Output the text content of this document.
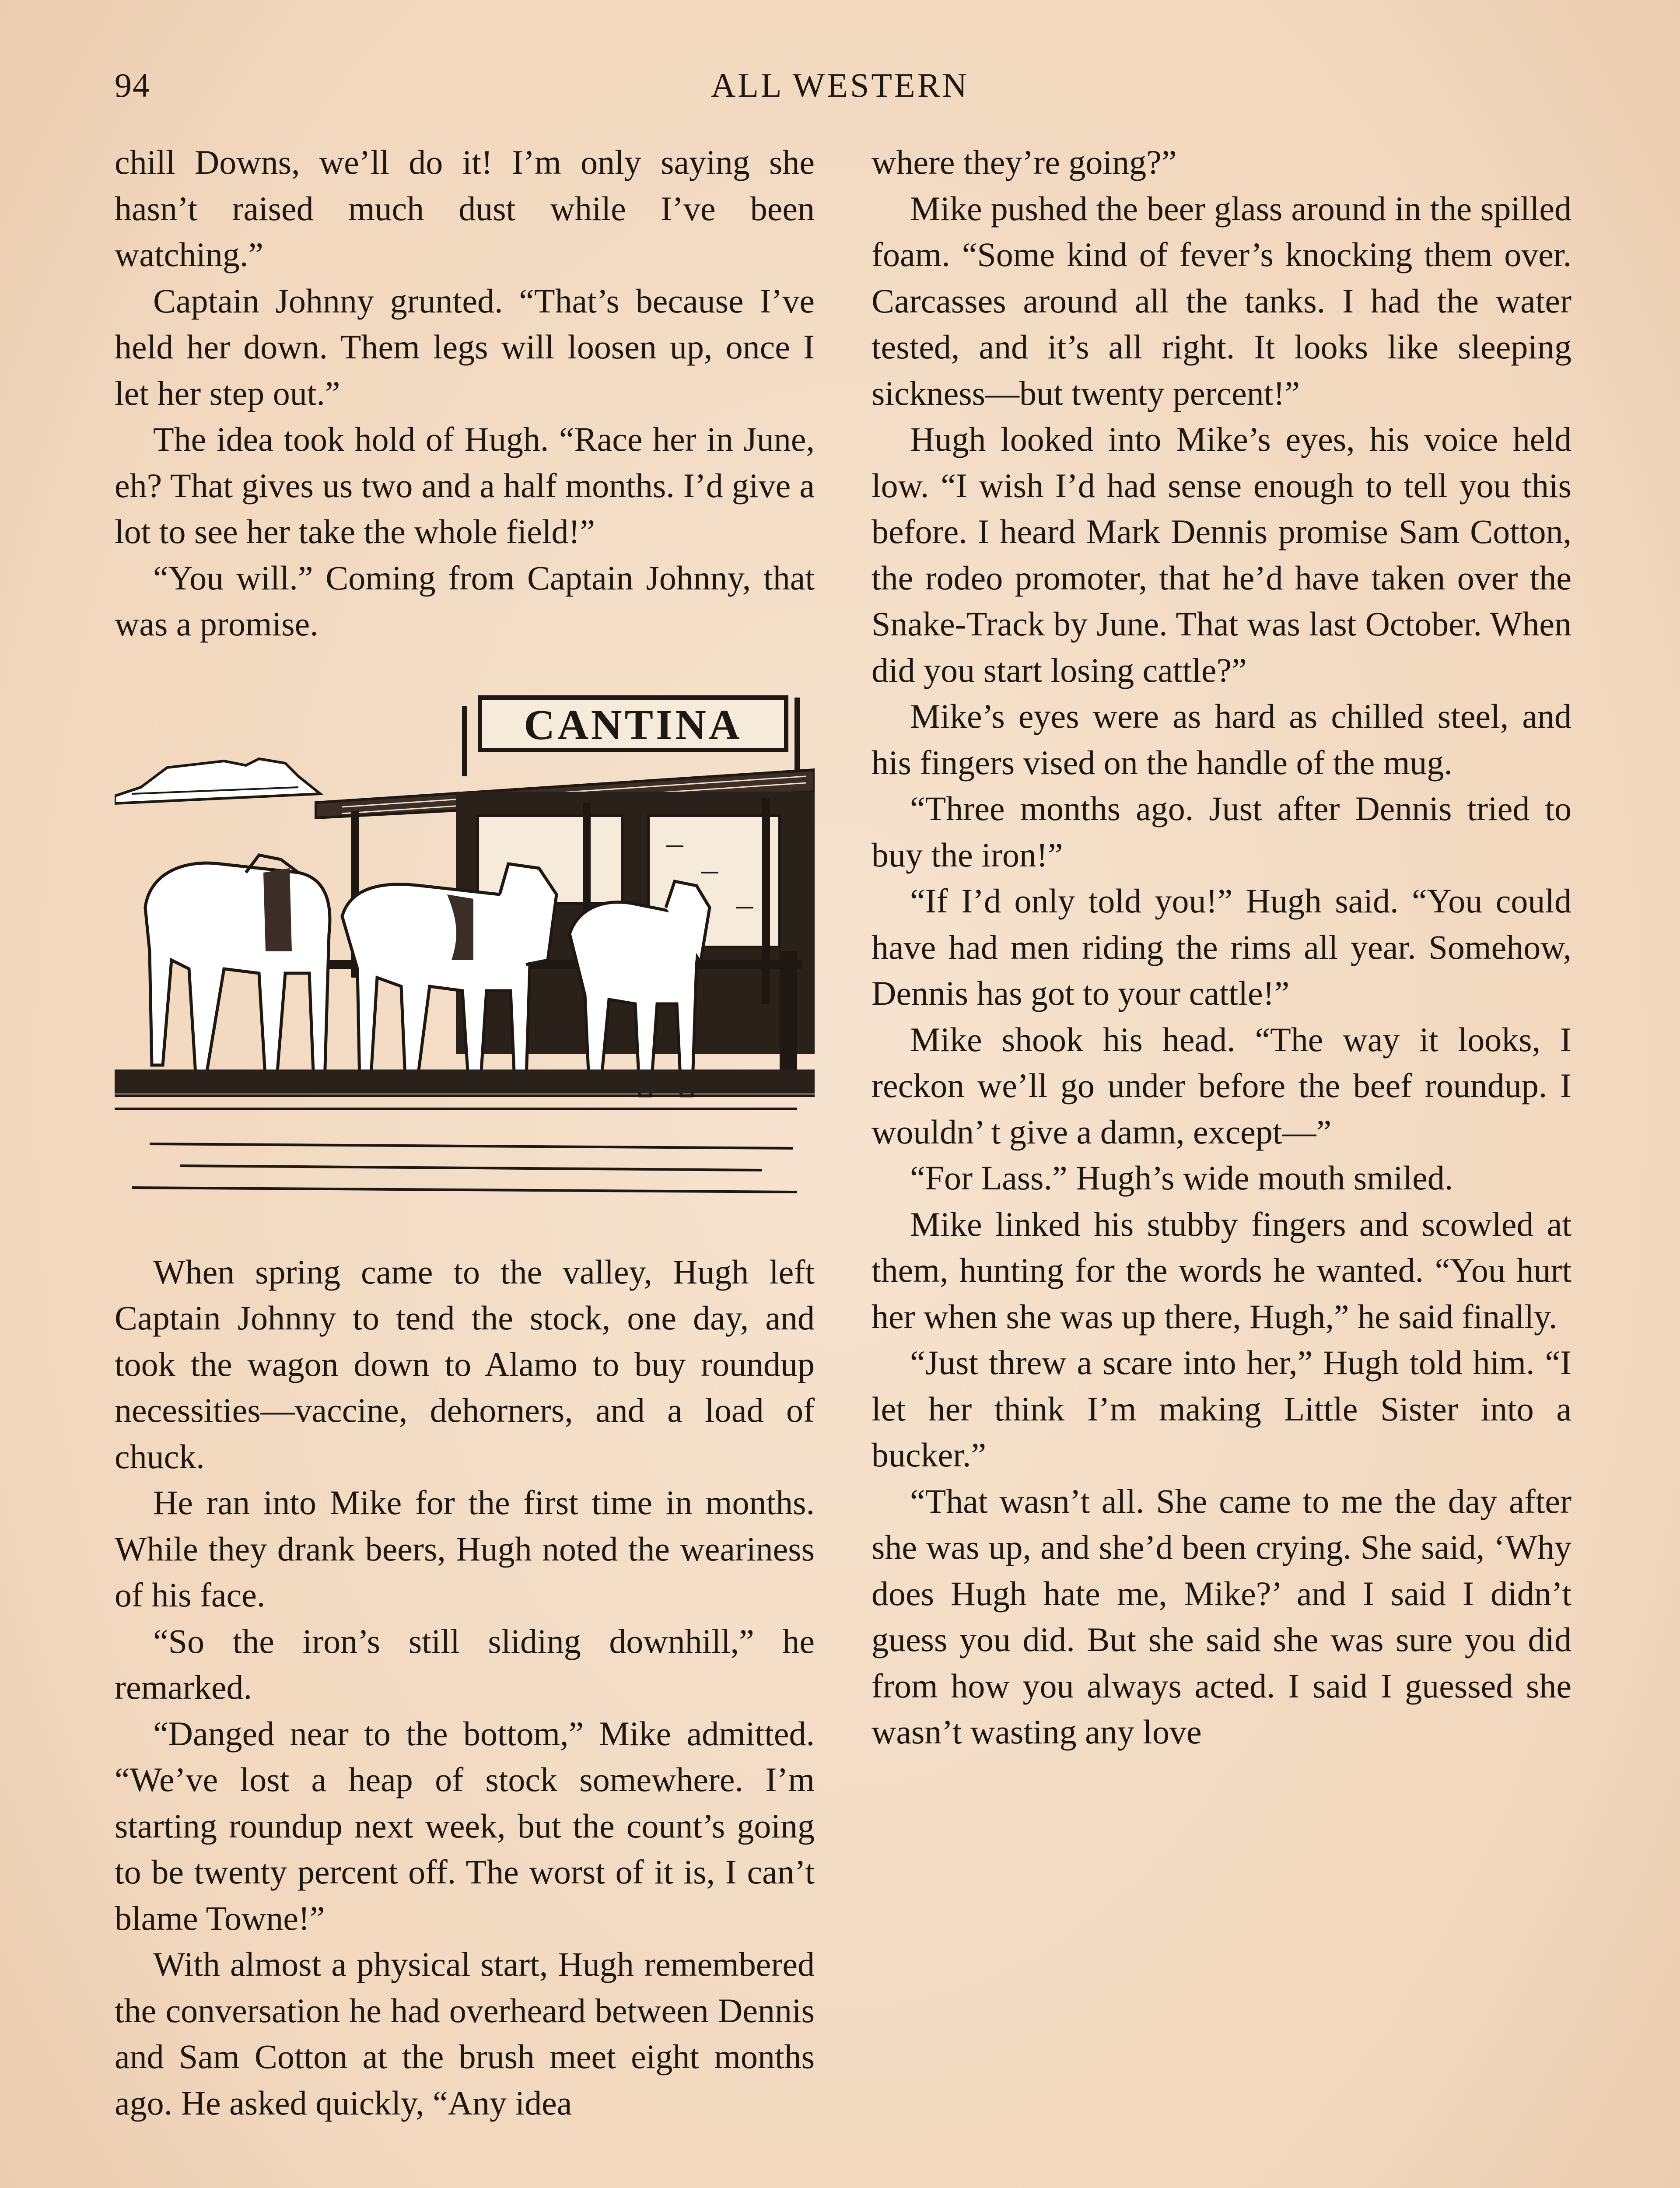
94	ALL WESTERN

chill Downs, we’ll do it! I’m only saying she hasn’t raised much dust while I’ve been watching.”

Captain Johnny grunted. “That’s because I’ve held her down. Them legs will loosen up, once I let her step out.”

The idea took hold of Hugh. “Race her in June, eh? That gives us two and a half months. I’d give a lot to see her take the whole field!”

“You will.” Coming from Captain Johnny, that was a promise.

CANTINA

When spring came to the valley, Hugh left Captain Johnny to tend the stock, one day, and took the wagon down to Alamo to buy roundup necessities—vaccine, dehorners, and a load of chuck.

He ran into Mike for the first time in months. While they drank beers, Hugh noted the weariness of his face.

“So the iron’s still sliding downhill,” he remarked.

“Danged near to the bottom,” Mike admitted. “We’ve lost a heap of stock somewhere. I’m starting roundup next week, but the count’s going to be twenty percent off. The worst of it is, I can’t blame Towne!”

With almost a physical start, Hugh remembered the conversation he had overheard between Dennis and Sam Cotton at the brush meet eight months ago. He asked quickly, “Any idea

where they’re going?”

Mike pushed the beer glass around in the spilled foam. “Some kind of fever’s knocking them over. Carcasses around all the tanks. I had the water tested, and it’s all right. It looks like sleeping sickness—but twenty percent!”

Hugh looked into Mike’s eyes, his voice held low. “I wish I’d had sense enough to tell you this before. I heard Mark Dennis promise Sam Cotton, the rodeo promoter, that he’d have taken over the Snake-Track by June. That was last October. When did you start losing cattle?”

Mike’s eyes were as hard as chilled steel, and his fingers vised on the handle of the mug.

“Three months ago. Just after Dennis tried to buy the iron!”

“If I’d only told you!” Hugh said. “You could have had men riding the rims all year. Somehow, Dennis has got to your cattle!”

Mike shook his head. “The way it looks, I reckon we’ll go under before the beef roundup. I wouldn’ t give a damn, except—”

“For Lass.” Hugh’s wide mouth smiled.

Mike linked his stubby fingers and scowled at them, hunting for the words he wanted. “You hurt her when she was up there, Hugh,” he said finally.

“Just threw a scare into her,” Hugh told him. “I let her think I’m making Little Sister into a bucker.”

“That wasn’t all. She came to me the day after she was up, and she’d been crying. She said, ‘Why does Hugh hate me, Mike?’ and I said I didn’t guess you did. But she said she was sure you did from how you always acted. I said I guessed she wasn’t wasting any love
